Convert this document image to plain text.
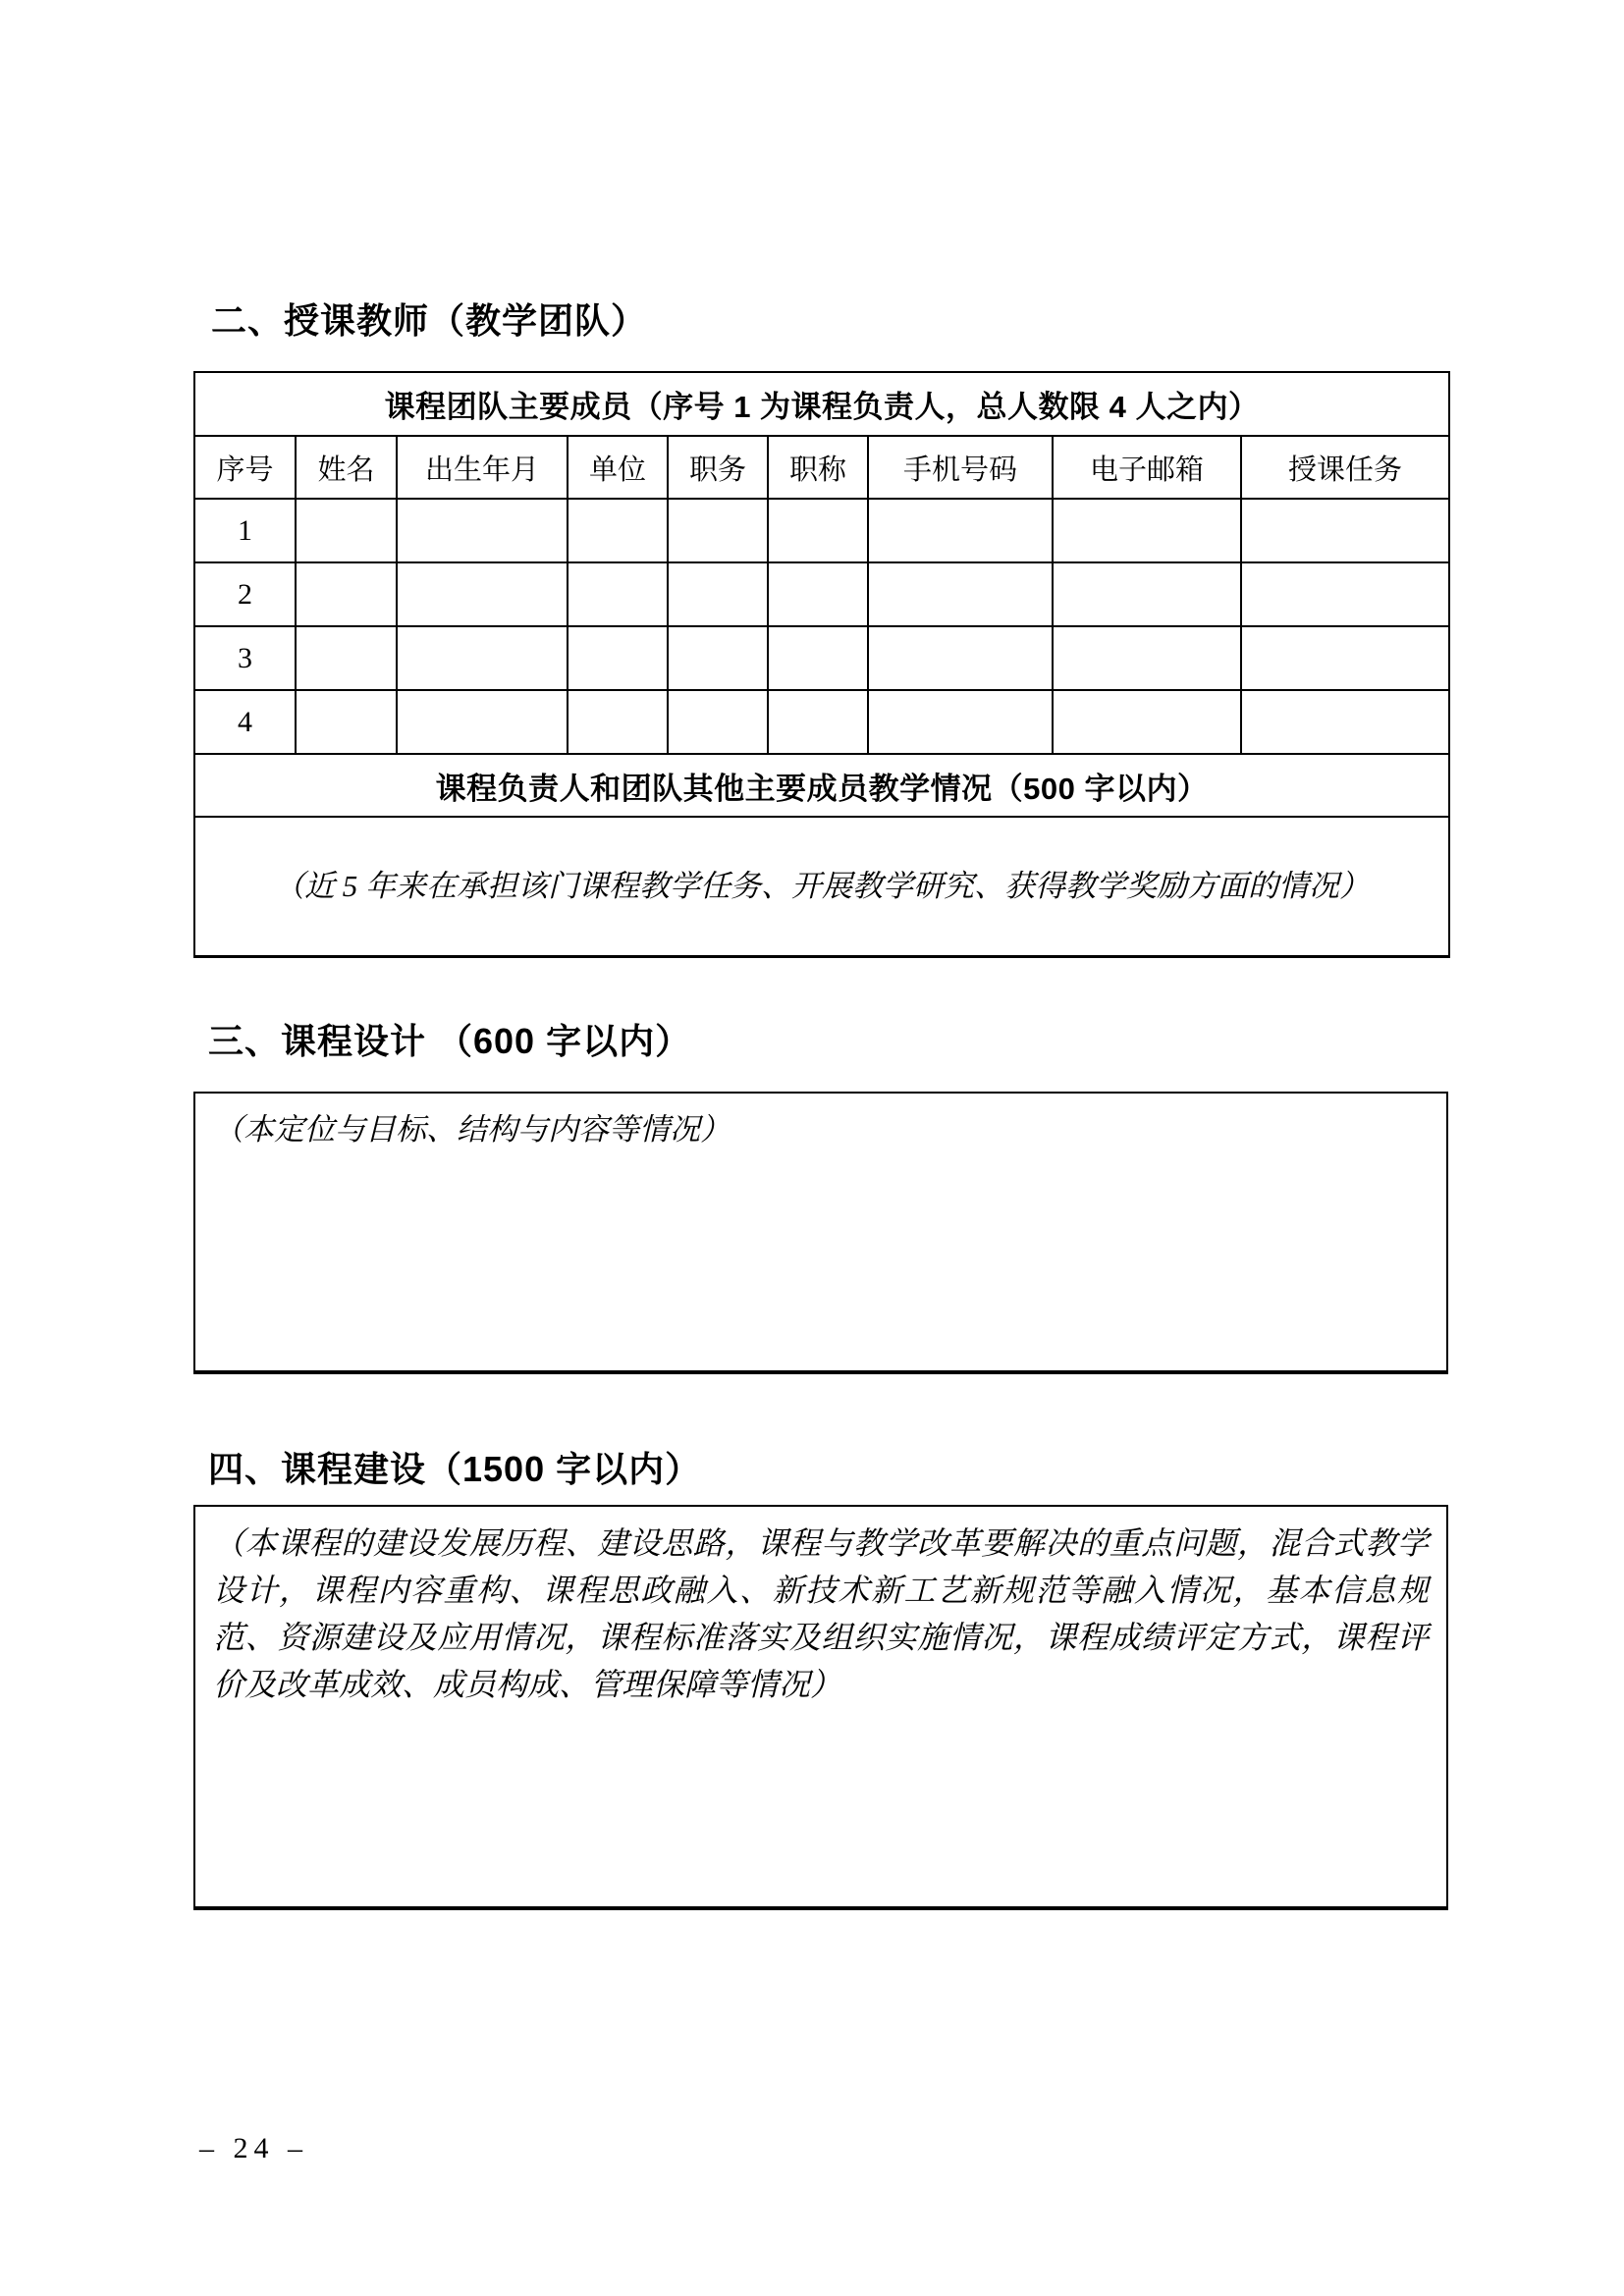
二、授课教师（教学团队）
课程团队主要成员（序号 1 为课程负责人，总人数限 4 人之内）								
序号	姓名	出生年月	单位	职务	职称	手机号码	电子邮箱	授课任务
1								
2								
3								
4								
课程负责人和团队其他主要成员教学情况（500 字以内）								
（近 5 年来在承担该门课程教学任务、开展教学研究、获得教学奖励方面的情况）								
三、课程设计 （600 字以内）
（本定位与目标、结构与内容等情况）
四、课程建设（1500 字以内）
（本课程的建设发展历程、建设思路，课程与教学改革要解决的重点问题，混合式教学设计，课程内容重构、课程思政融入、新技术新工艺新规范等融入情况，基本信息规范、资源建设及应用情况，课程标准落实及组织实施情况，课程成绩评定方式，课程评价及改革成效、成员构成、管理保障等情况）
– 24 –
